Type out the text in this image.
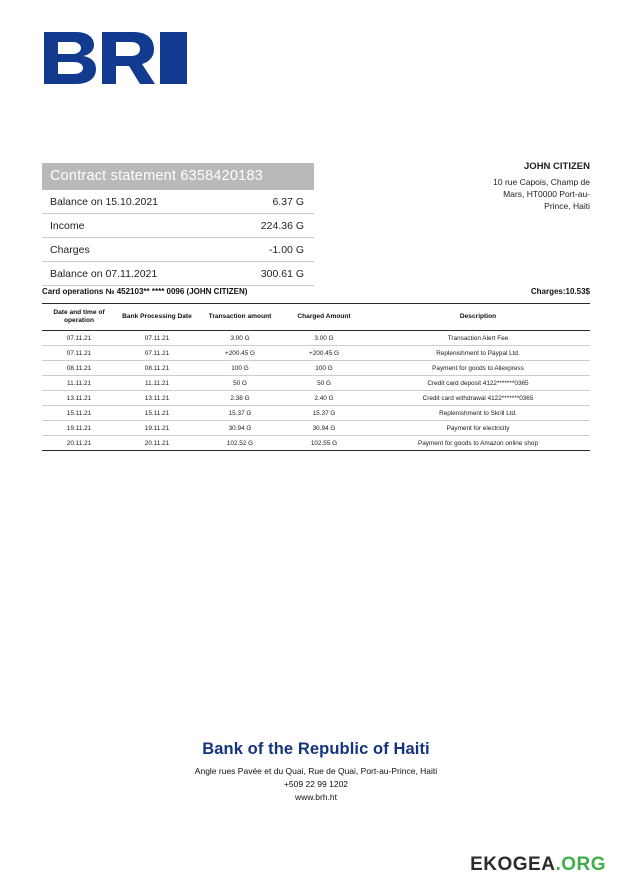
Contract statement 6358420183
Balance on 15.10.2021	6.37 G
Income	224.36 G
Charges	-1.00 G
Balance on 07.11.2021	300.61 G
JOHN CITIZEN
10 rue Capois, Champ de
Mars, HT0000 Port-au-
Prince, Haiti
Card operations № 452103** **** 0096 (JOHN CITIZEN)	Charges:10.53$
Date and time of operation	Bank Processing Date	Transaction amount	Charged Amount	Description
07.11.21	07.11.21	3.00 G	3.00 G	Transaction Alert Fee
07.11.21	07.11.21	+200.45 G	+200.45 G	Replenishment to Paypal Ltd.
08.11.21	08.11.21	100 G	100 G	Payment for goods to Aliexpress
11.11.21	11.11.21	50 G	50 G	Credit card deposit 4122*******0365
13.11.21	13.11.21	2.38 G	2.40 G	Credit card withdrawal 4122*******0365
15.11.21	15.11.21	15.37 G	15.37 G	Replenishment to Skrill Ltd.
19.11.21	19.11.21	30.94 G	30.94 G	Payment for electricity
20.11.21	20.11.21	102.52 G	102.55 G	Payment for goods to Amazon online shop
Bank of the Republic of Haiti
Angle rues Pavée et du Quai, Rue de Quai, Port-au-Prince, Haiti
+509 22 99 1202
www.brh.ht
EKOGEA.ORG
